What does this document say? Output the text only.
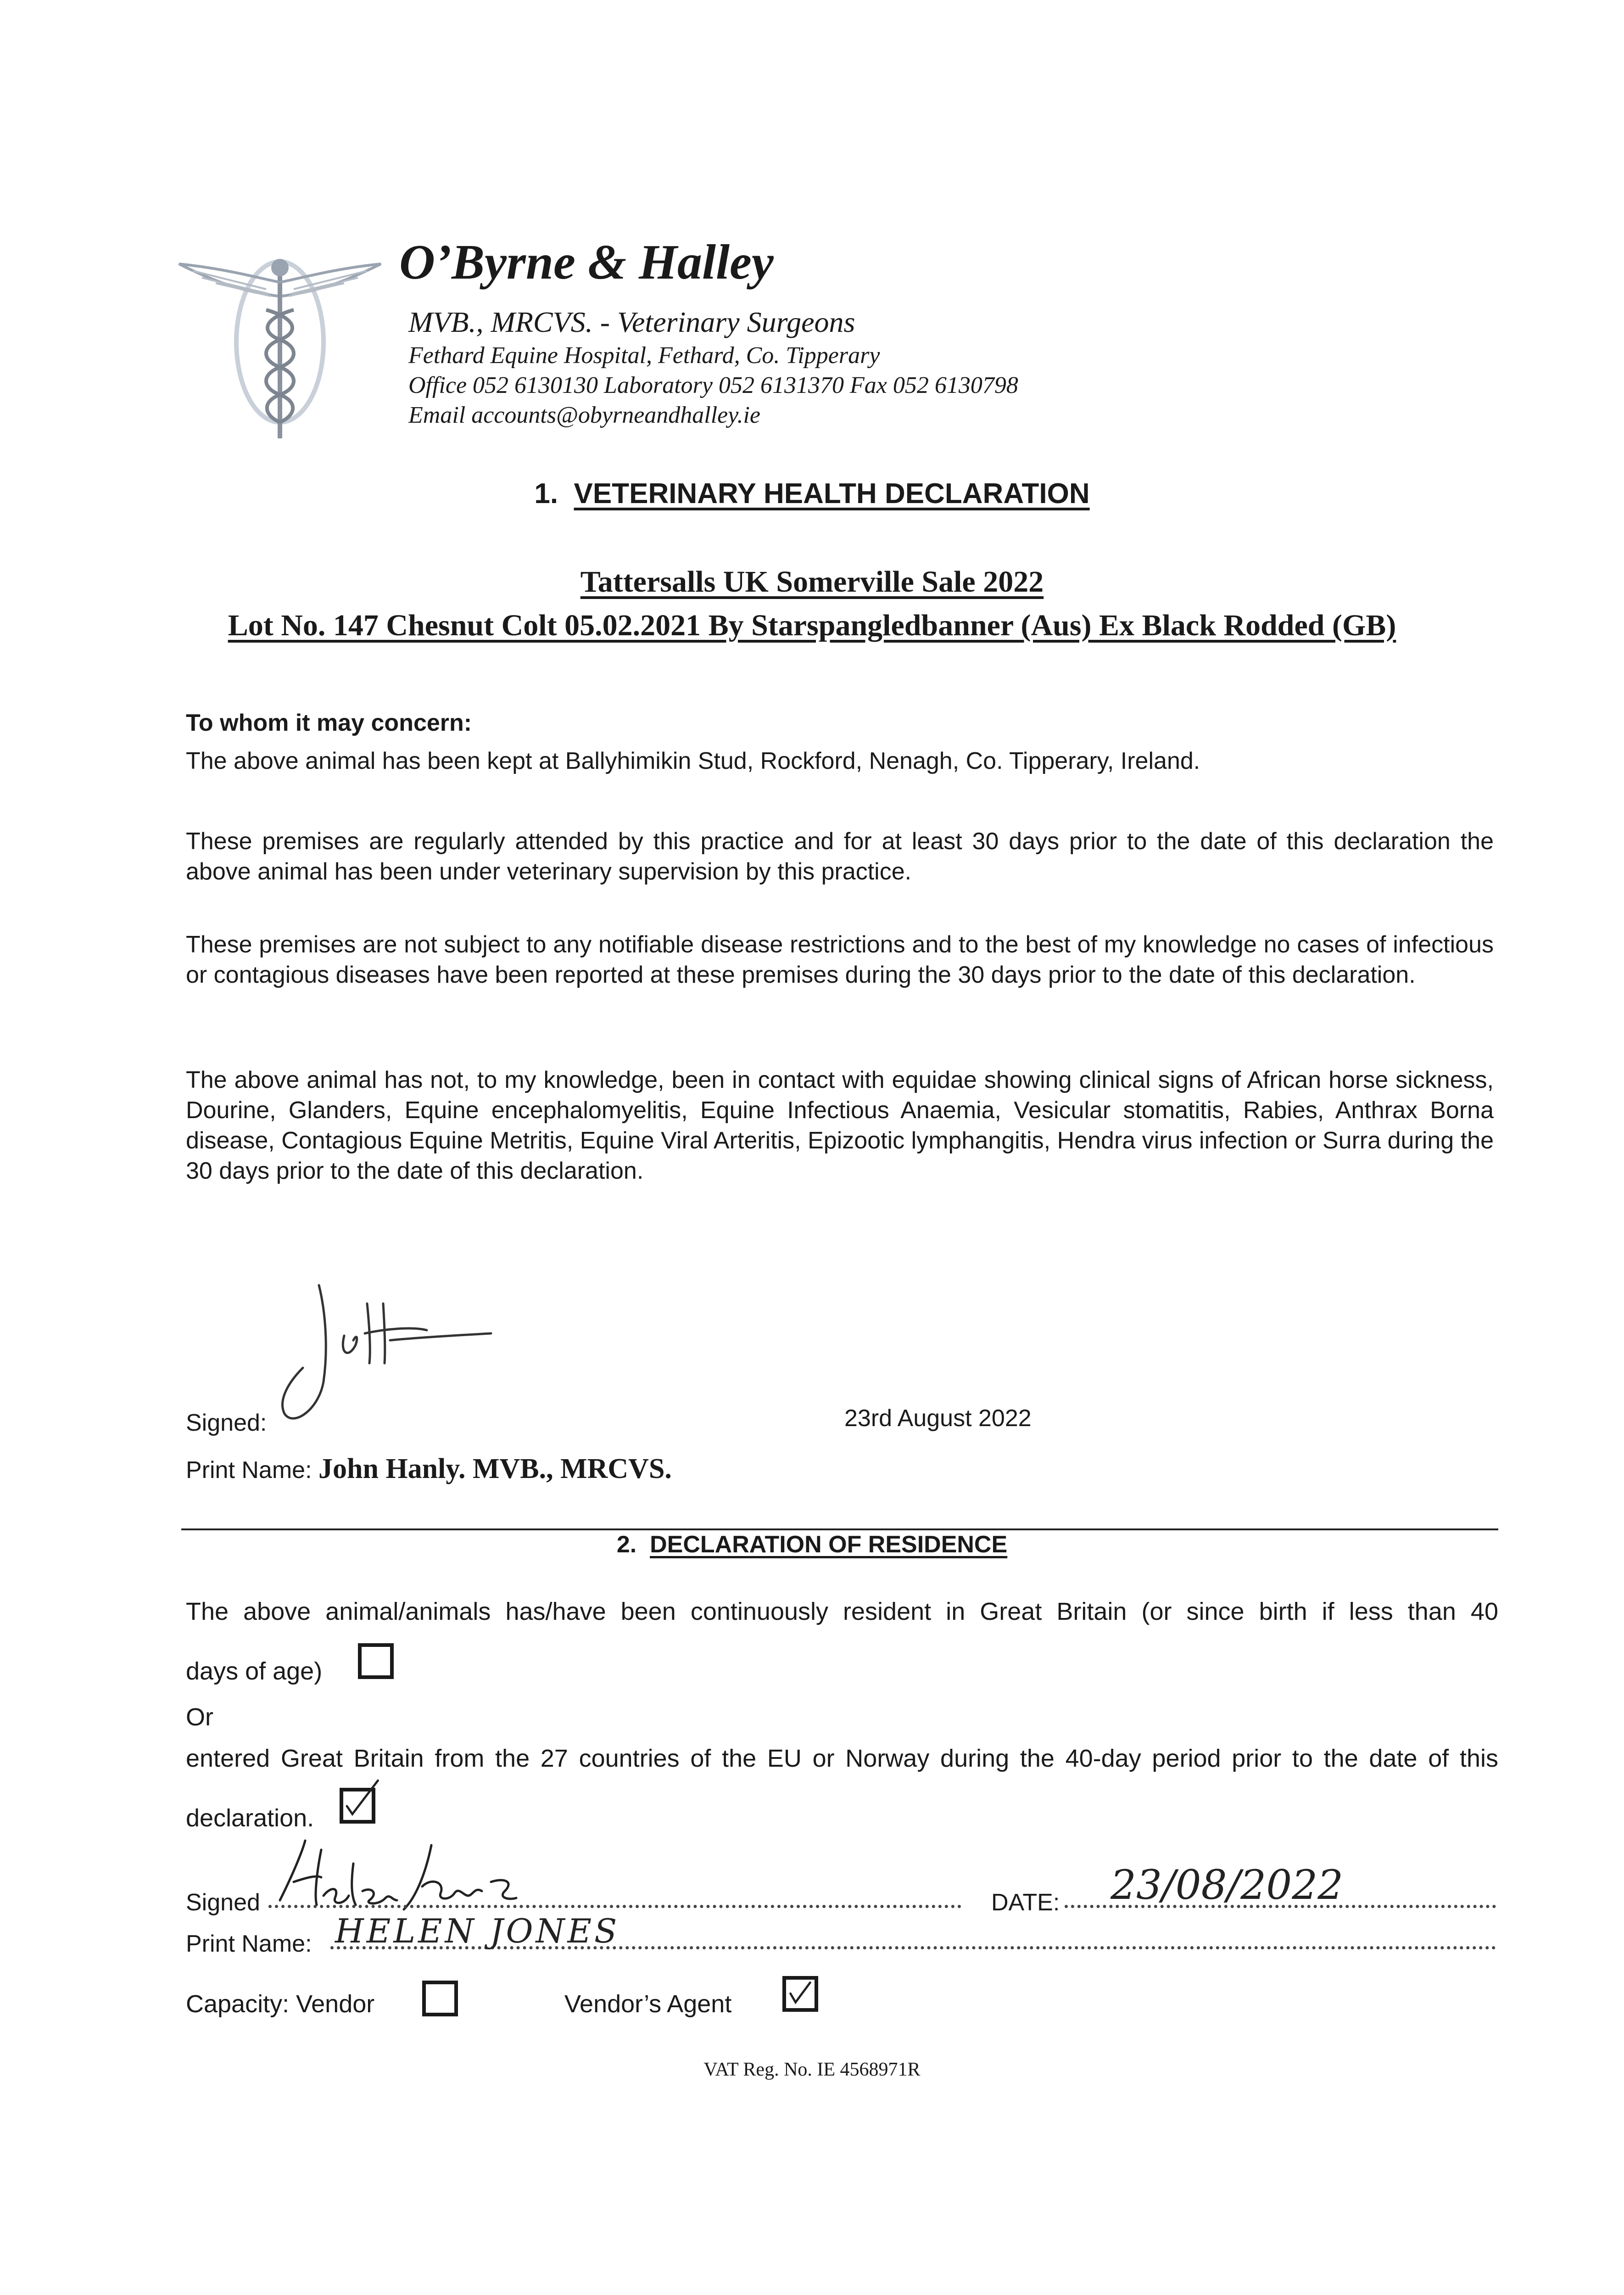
O’Byrne & Halley
MVB., MRCVS. - Veterinary Surgeons
Fethard Equine Hospital, Fethard, Co. Tipperary
Office 052 6130130 Laboratory 052 6131370 Fax 052 6130798
Email accounts@obyrneandhalley.ie
1. VETERINARY HEALTH DECLARATION
Tattersalls UK Somerville Sale 2022
Lot No. 147 Chesnut Colt 05.02.2021 By Starspangledbanner (Aus) Ex Black Rodded (GB)
To whom it may concern:
The above animal has been kept at Ballyhimikin Stud, Rockford, Nenagh, Co. Tipperary, Ireland.
These premises are regularly attended by this practice and for at least 30 days prior to the date of this declaration the above animal has been under veterinary supervision by this practice.
These premises are not subject to any notifiable disease restrictions and to the best of my knowledge no cases of infectious or contagious diseases have been reported at these premises during the 30 days prior to the date of this declaration.
The above animal has not, to my knowledge, been in contact with equidae showing clinical signs of African horse sickness, Dourine, Glanders, Equine encephalomyelitis, Equine Infectious Anaemia, Vesicular stomatitis, Rabies, Anthrax Borna disease, Contagious Equine Metritis, Equine Viral Arteritis, Epizootic lymphangitis, Hendra virus infection or Surra during the 30 days prior to the date of this declaration.
Signed:	23rd August 2022
Print Name: John Hanly. MVB., MRCVS.
2. DECLARATION OF RESIDENCE
The above animal/animals has/have been continuously resident in Great Britain (or since birth if less than 40
days of age)
Or
entered Great Britain from the 27 countries of the EU or Norway during the 40-day period prior to the date of this
declaration.
Signed	DATE: 23/08/2022
Print Name: HELEN JONES
Capacity: Vendor	Vendor’s Agent
VAT Reg. No. IE 4568971R
